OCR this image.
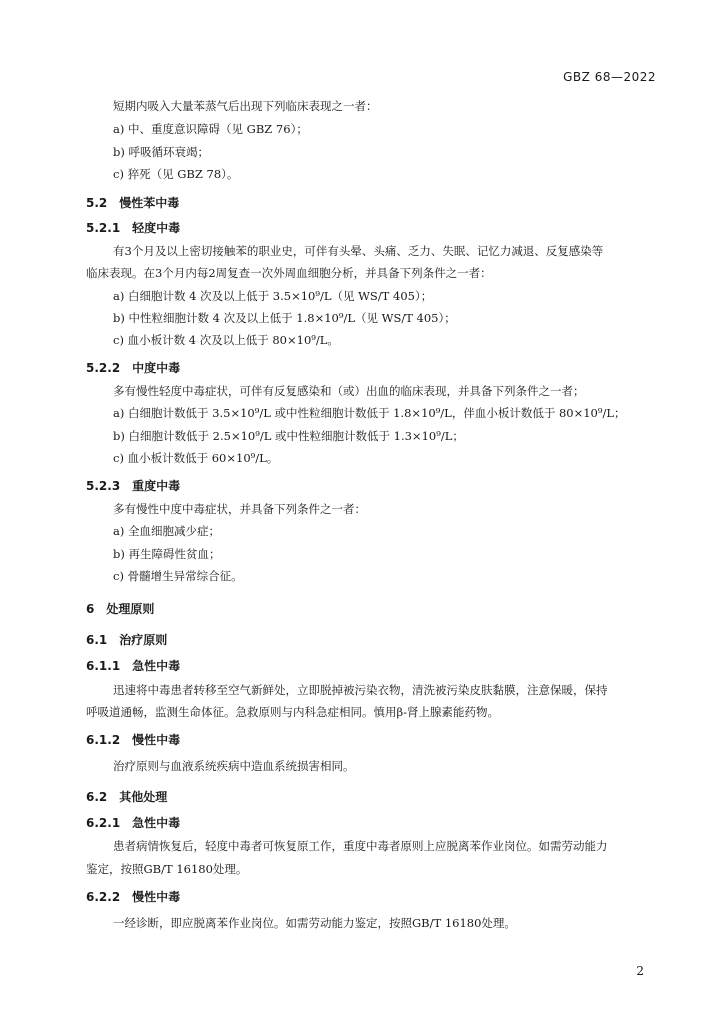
GBZ 68—2022
短期内吸入大量苯蒸气后出现下列临床表现之一者：
a) 中、重度意识障碍（见 GBZ 76）；
b) 呼吸循环衰竭；
c) 猝死（见 GBZ 78）。
5.2 慢性苯中毒
5.2.1 轻度中毒
有3个月及以上密切接触苯的职业史，可伴有头晕、头痛、乏力、失眠、记忆力减退、反复感染等
临床表现。在3个月内每2周复查一次外周血细胞分析，并具备下列条件之一者：
a) 白细胞计数 4 次及以上低于 3.5×10⁹/L（见 WS/T 405）；
b) 中性粒细胞计数 4 次及以上低于 1.8×10⁹/L（见 WS/T 405）；
c) 血小板计数 4 次及以上低于 80×10⁹/L。
5.2.2 中度中毒
多有慢性轻度中毒症状，可伴有反复感染和（或）出血的临床表现，并具备下列条件之一者；
a) 白细胞计数低于 3.5×10⁹/L 或中性粒细胞计数低于 1.8×10⁹/L，伴血小板计数低于 80×10⁹/L；
b) 白细胞计数低于 2.5×10⁹/L 或中性粒细胞计数低于 1.3×10⁹/L；
c) 血小板计数低于 60×10⁹/L。
5.2.3 重度中毒
多有慢性中度中毒症状，并具备下列条件之一者：
a) 全血细胞减少症；
b) 再生障碍性贫血；
c) 骨髓增生异常综合征。
6 处理原则
6.1 治疗原则
6.1.1 急性中毒
迅速将中毒患者转移至空气新鲜处，立即脱掉被污染衣物，清洗被污染皮肤黏膜，注意保暖，保持
呼吸道通畅，监测生命体征。急救原则与内科急症相同。慎用β-肾上腺素能药物。
6.1.2 慢性中毒
治疗原则与血液系统疾病中造血系统损害相同。
6.2 其他处理
6.2.1 急性中毒
患者病情恢复后，轻度中毒者可恢复原工作，重度中毒者原则上应脱离苯作业岗位。如需劳动能力
鉴定，按照GB/T 16180处理。
6.2.2 慢性中毒
一经诊断，即应脱离苯作业岗位。如需劳动能力鉴定，按照GB/T 16180处理。
2
